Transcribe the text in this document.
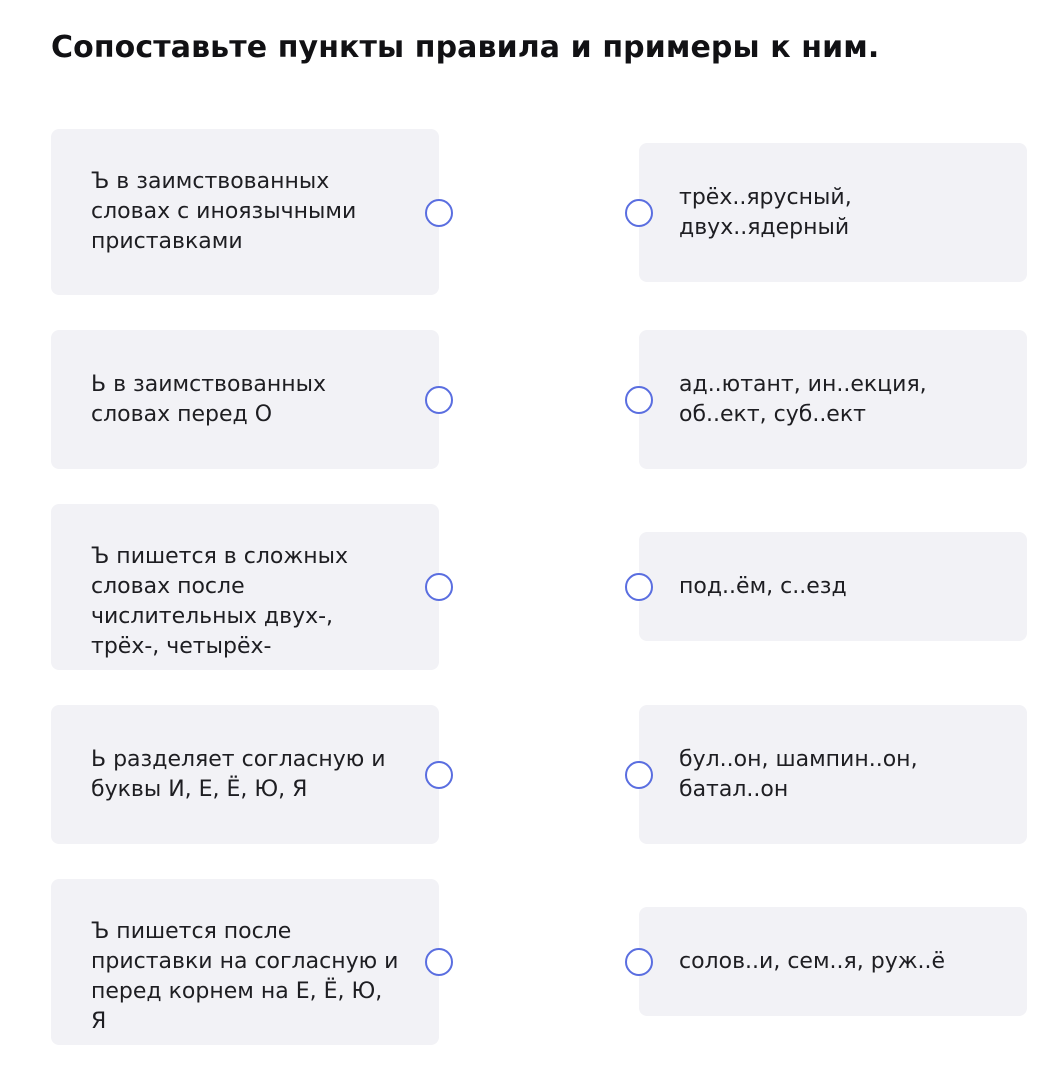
Сопоставьте пункты правила и примеры к ним.
Ъ в заимствованных словах с иноязычными приставками
Ь в заимствованных словах перед О
Ъ пишется в сложных словах после числительных двух-, трёх-, четырёх-
Ь разделяет согласную и буквы И, Е, Ё, Ю, Я
Ъ пишется после приставки на согласную и перед корнем на Е, Ё, Ю, Я
трёх..ярусный, двух..ядерный
ад..ютант, ин..екция, об..ект, суб..ект
под..ём, с..езд
бул..он, шампин..он, батал..он
солов..и, сем..я, руж..ё
